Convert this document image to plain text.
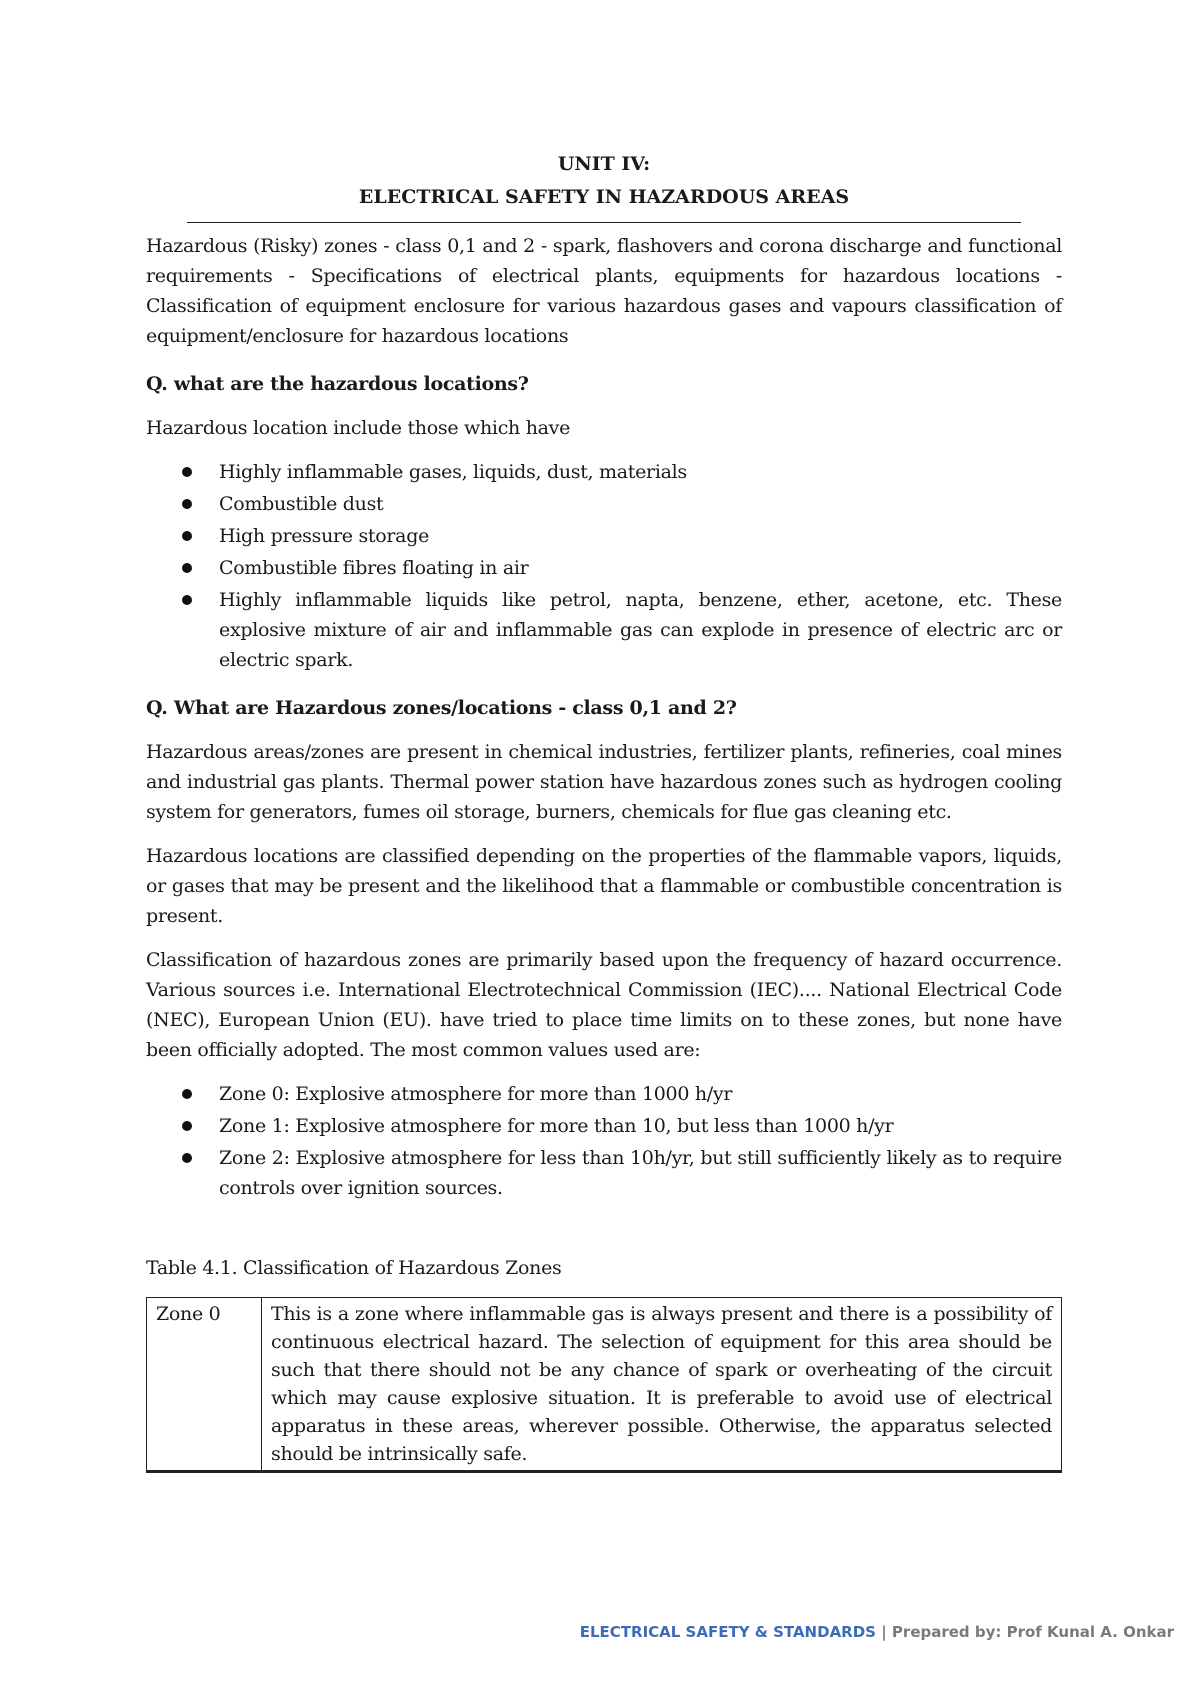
UNIT IV:
ELECTRICAL SAFETY IN HAZARDOUS AREAS

Hazardous (Risky) zones - class 0,1 and 2 - spark, flashovers and corona discharge and functional requirements - Specifications of electrical plants, equipments for hazardous locations - Classification of equipment enclosure for various hazardous gases and vapours classification of equipment/enclosure for hazardous locations

Q. what are the hazardous locations?

Hazardous location include those which have

Highly inflammable gases, liquids, dust, materials
Combustible dust
High pressure storage
Combustible fibres floating in air
Highly inflammable liquids like petrol, napta, benzene, ether, acetone, etc. These explosive mixture of air and inflammable gas can explode in presence of electric arc or electric spark.

Q. What are Hazardous zones/locations - class 0,1 and 2?

Hazardous areas/zones are present in chemical industries, fertilizer plants, refineries, coal mines and industrial gas plants. Thermal power station have hazardous zones such as hydrogen cooling system for generators, fumes oil storage, burners, chemicals for flue gas cleaning etc.

Hazardous locations are classified depending on the properties of the flammable vapors, liquids, or gases that may be present and the likelihood that a flammable or combustible concentration is present.

Classification of hazardous zones are primarily based upon the frequency of hazard occurrence. Various sources i.e. International Electrotechnical Commission (IEC).... National Electrical Code (NEC), European Union (EU). have tried to place time limits on to these zones, but none have been officially adopted. The most common values used are:

Zone 0: Explosive atmosphere for more than 1000 h/yr
Zone 1: Explosive atmosphere for more than 10, but less than 1000 h/yr
Zone 2: Explosive atmosphere for less than 10h/yr, but still sufficiently likely as to require controls over ignition sources.

Table 4.1. Classification of Hazardous Zones

Zone 0	This is a zone where inflammable gas is always present and there is a possibility of continuous electrical hazard. The selection of equipment for this area should be such that there should not be any chance of spark or overheating of the circuit which may cause explosive situation. It is preferable to avoid use of electrical apparatus in these areas, wherever possible. Otherwise, the apparatus selected should be intrinsically safe.
ELECTRICAL SAFETY & STANDARDS | Prepared by: Prof Kunal A. Onkar
